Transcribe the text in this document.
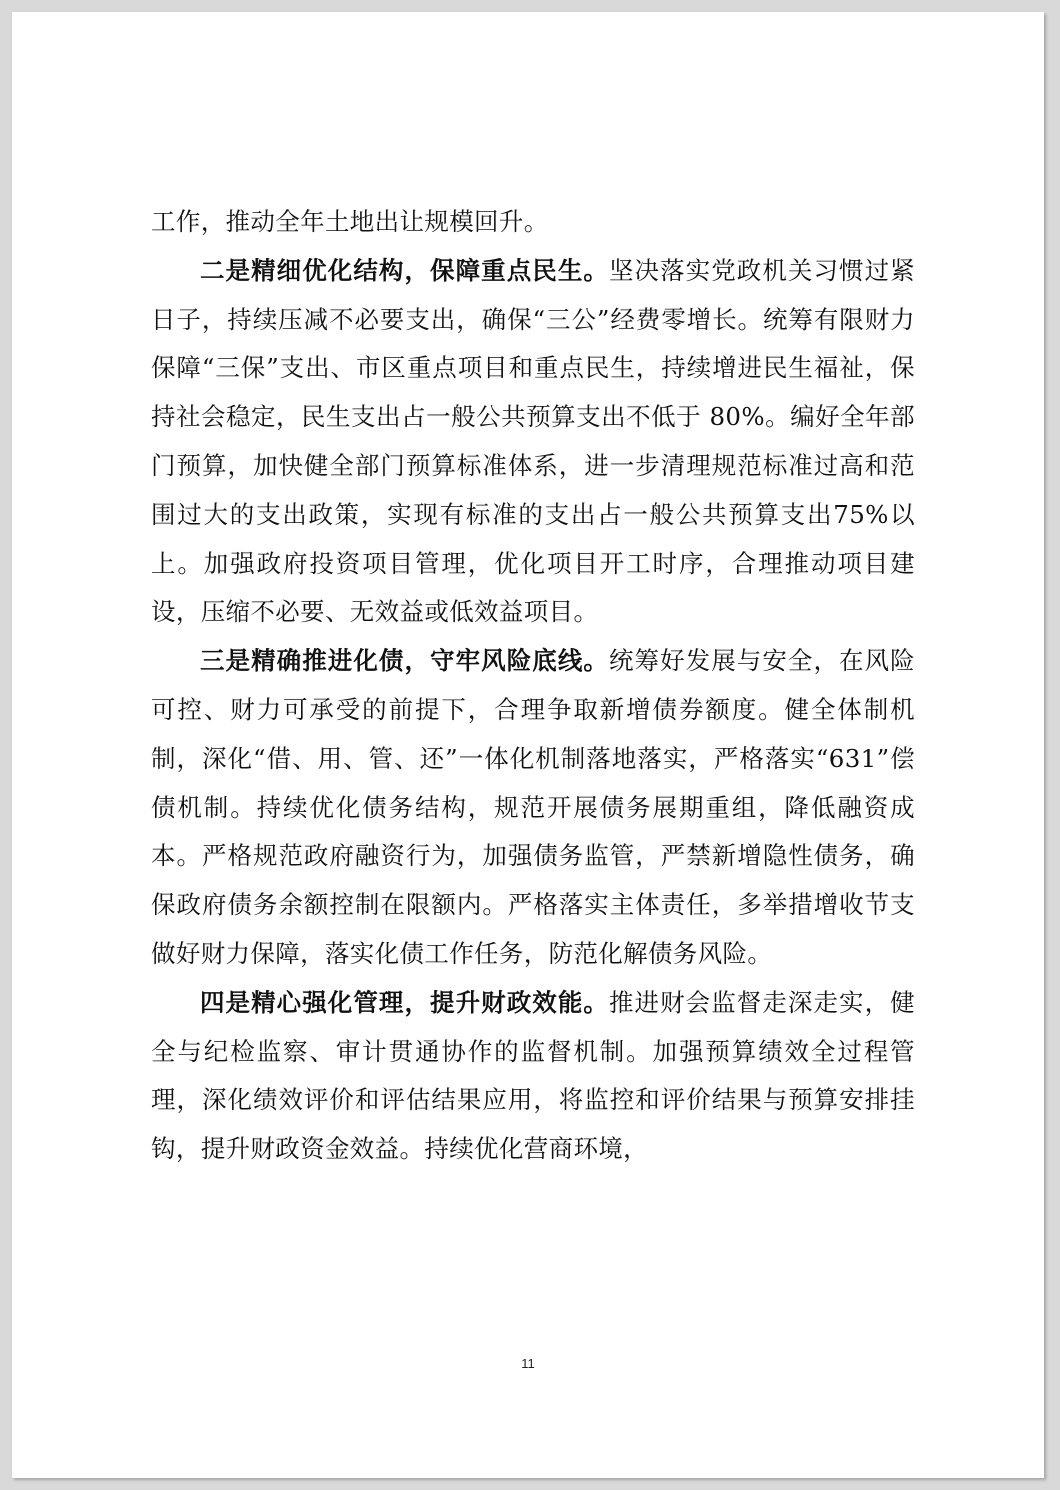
工作，推动全年土地出让规模回升。

二是精细优化结构，保障重点民生。坚决落实党政机关习惯过紧日子，持续压减不必要支出，确保“三公”经费零增长。统筹有限财力保障“三保”支出、市区重点项目和重点民生，持续增进民生福祉，保持社会稳定，民生支出占一般公共预算支出不低于 80%。编好全年部门预算，加快健全部门预算标准体系，进一步清理规范标准过高和范围过大的支出政策，实现有标准的支出占一般公共预算支出75%以上。加强政府投资项目管理，优化项目开工时序，合理推动项目建设，压缩不必要、无效益或低效益项目。

三是精确推进化债，守牢风险底线。统筹好发展与安全，在风险可控、财力可承受的前提下，合理争取新增债券额度。健全体制机制，深化“借、用、管、还”一体化机制落地落实，严格落实“631”偿债机制。持续优化债务结构，规范开展债务展期重组，降低融资成本。严格规范政府融资行为，加强债务监管，严禁新增隐性债务，确保政府债务余额控制在限额内。严格落实主体责任，多举措增收节支做好财力保障，落实化债工作任务，防范化解债务风险。

四是精心强化管理，提升财政效能。推进财会监督走深走实，健全与纪检监察、审计贯通协作的监督机制。加强预算绩效全过程管理，深化绩效评价和评估结果应用，将监控和评价结果与预算安排挂钩，提升财政资金效益。持续优化营商环境，

11
